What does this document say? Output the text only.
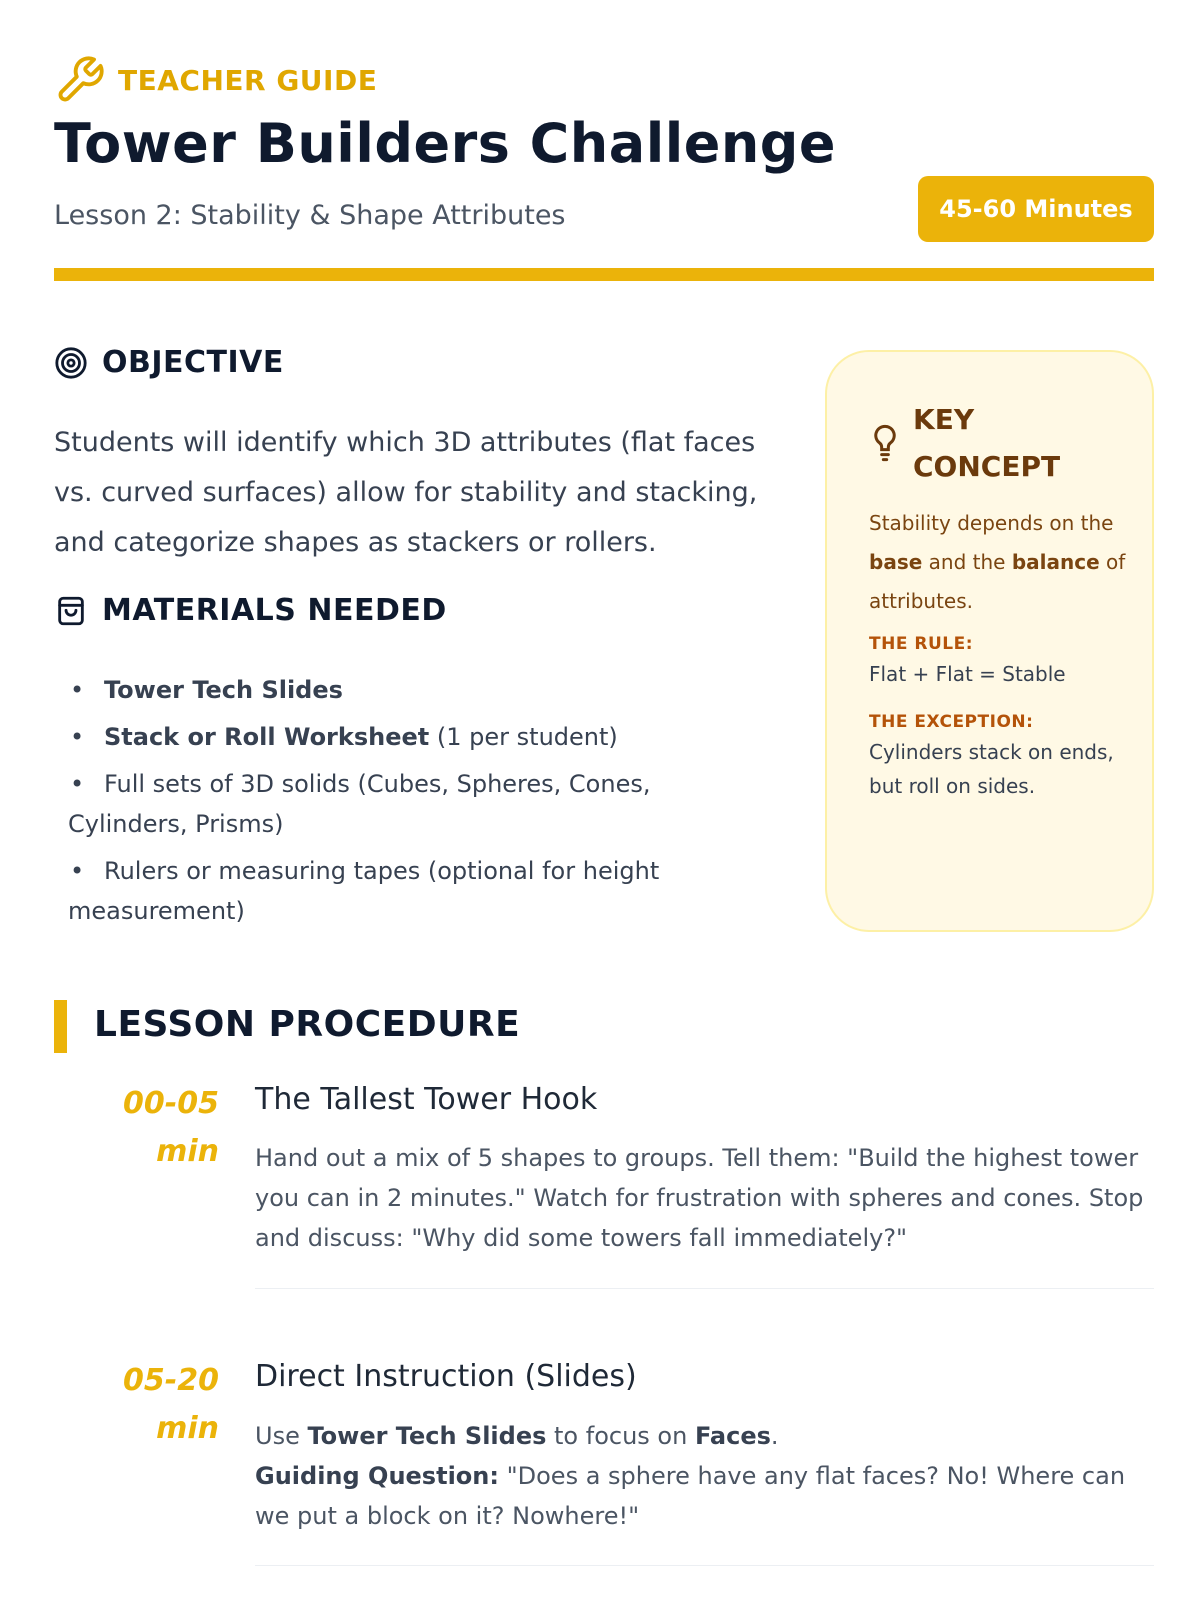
TEACHER GUIDE
Tower Builders Challenge
Lesson 2: Stability & Shape Attributes	45-60 Minutes
OBJECTIVE
Students will identify which 3D attributes (flat faces vs. curved surfaces) allow for stability and stacking, and categorize shapes as stackers or rollers.
MATERIALS NEEDED
• Tower Tech Slides
• Stack or Roll Worksheet (1 per student)
• Full sets of 3D solids (Cubes, Spheres, Cones, Cylinders, Prisms)
• Rulers or measuring tapes (optional for height measurement)
KEY CONCEPT
Stability depends on the base and the balance of attributes.
THE RULE:
Flat + Flat = Stable
THE EXCEPTION:
Cylinders stack on ends, but roll on sides.
LESSON PROCEDURE
00-05
min
The Tallest Tower Hook
Hand out a mix of 5 shapes to groups. Tell them: "Build the highest tower you can in 2 minutes." Watch for frustration with spheres and cones. Stop and discuss: "Why did some towers fall immediately?"
05-20
min
Direct Instruction (Slides)
Use Tower Tech Slides to focus on Faces.
Guiding Question: "Does a sphere have any flat faces? No! Where can we put a block on it? Nowhere!"
